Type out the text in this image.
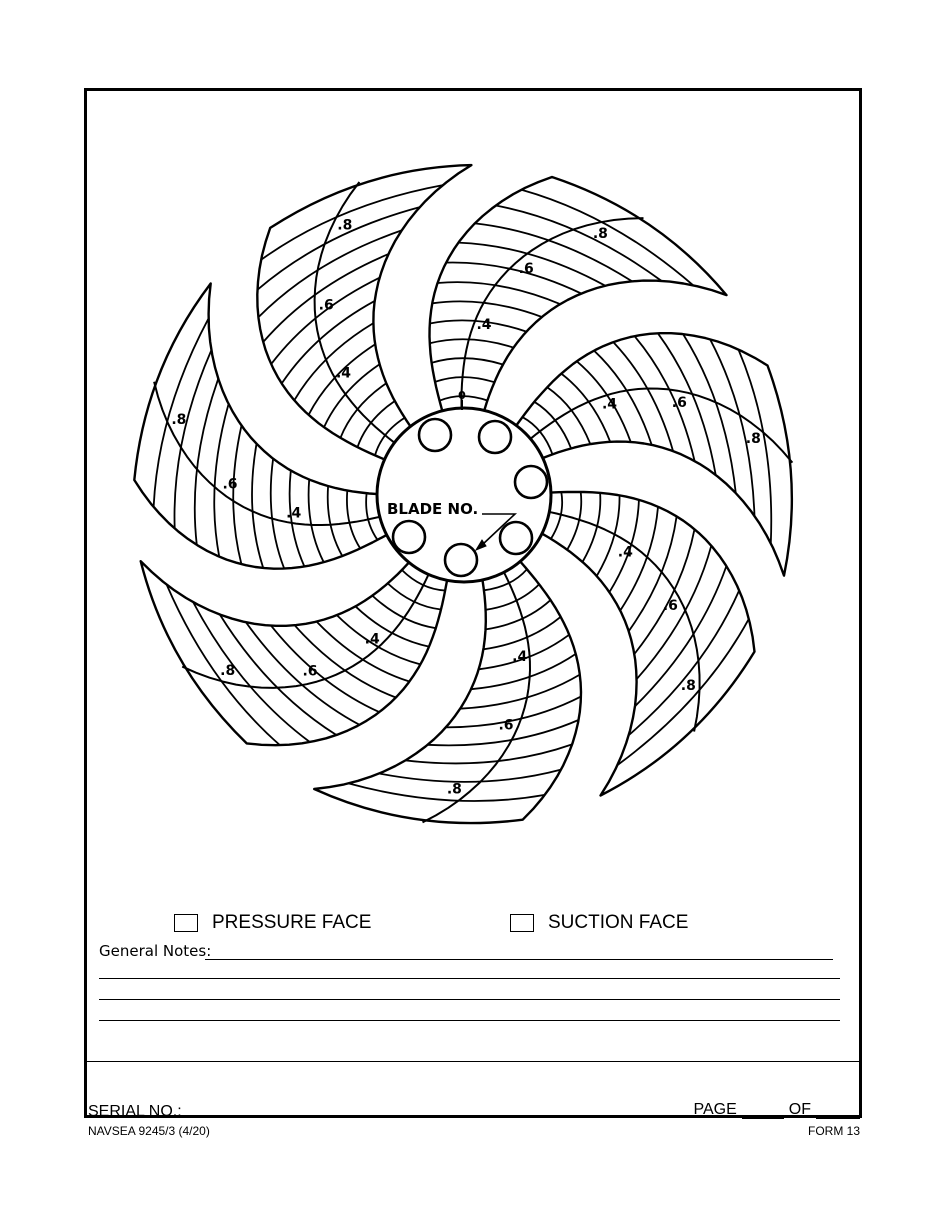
.4
.6
.8
.4	.6
.8
.4
.6
.8
.4
.6
.8
.4
.6
.8
.4
.6
.8
.4
.6
.8
BLADE NO.
0
PRESSURE FACE	SUCTION FACE
General Notes:
SERIAL NO.:	PAGE	OF
NAVSEA 9245/3 (4/20)	FORM 13
